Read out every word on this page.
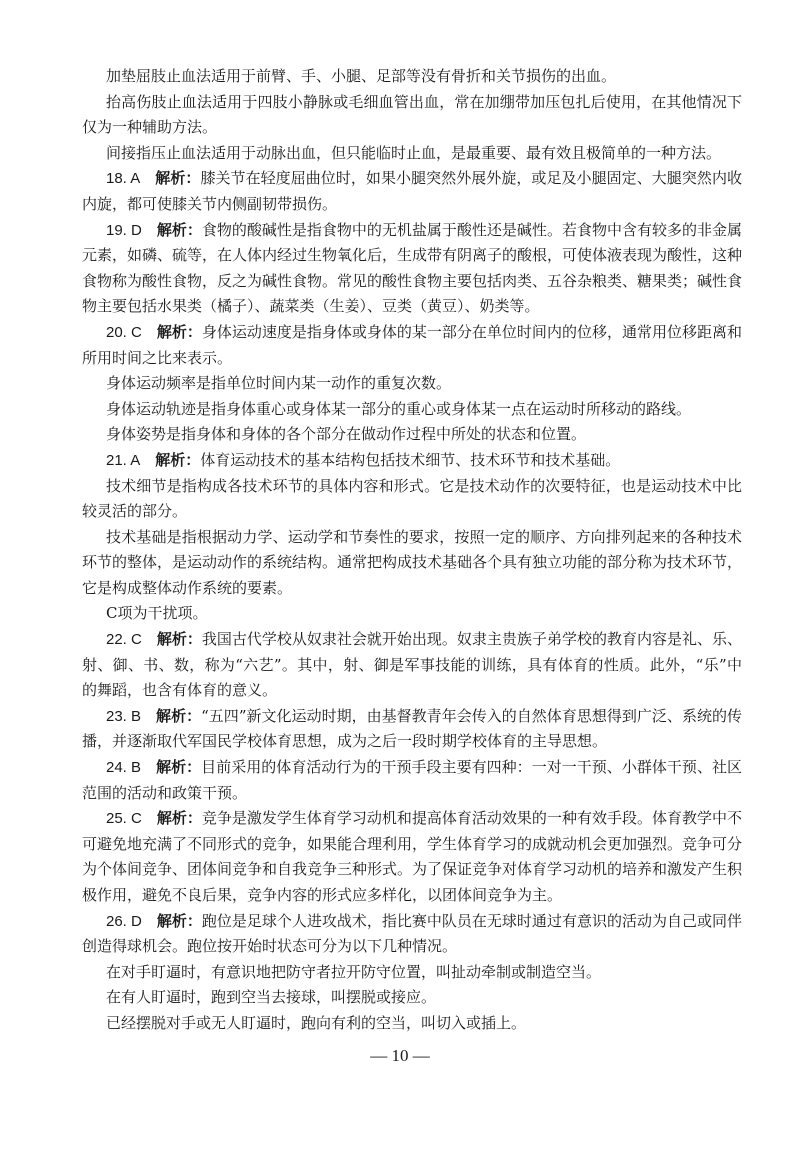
加垫屈肢止血法适用于前臂、手、小腿、足部等没有骨折和关节损伤的出血。

抬高伤肢止血法适用于四肢小静脉或毛细血管出血，常在加绷带加压包扎后使用，在其他情况下仅为一种辅助方法。

间接指压止血法适用于动脉出血，但只能临时止血，是最重要、最有效且极简单的一种方法。

18. A  解析：膝关节在轻度屈曲位时，如果小腿突然外展外旋，或足及小腿固定、大腿突然内收内旋，都可使膝关节内侧副韧带损伤。

19. D  解析：食物的酸碱性是指食物中的无机盐属于酸性还是碱性。若食物中含有较多的非金属元素，如磷、硫等，在人体内经过生物氧化后，生成带有阴离子的酸根，可使体液表现为酸性，这种食物称为酸性食物，反之为碱性食物。常见的酸性食物主要包括肉类、五谷杂粮类、糖果类；碱性食物主要包括水果类（橘子）、蔬菜类（生姜）、豆类（黄豆）、奶类等。

20. C  解析：身体运动速度是指身体或身体的某一部分在单位时间内的位移，通常用位移距离和所用时间之比来表示。

身体运动频率是指单位时间内某一动作的重复次数。

身体运动轨迹是指身体重心或身体某一部分的重心或身体某一点在运动时所移动的路线。

身体姿势是指身体和身体的各个部分在做动作过程中所处的状态和位置。

21. A  解析：体育运动技术的基本结构包括技术细节、技术环节和技术基础。

技术细节是指构成各技术环节的具体内容和形式。它是技术动作的次要特征，也是运动技术中比较灵活的部分。

技术基础是指根据动力学、运动学和节奏性的要求，按照一定的顺序、方向排列起来的各种技术环节的整体，是运动动作的系统结构。通常把构成技术基础各个具有独立功能的部分称为技术环节，它是构成整体动作系统的要素。

C项为干扰项。

22. C  解析：我国古代学校从奴隶社会就开始出现。奴隶主贵族子弟学校的教育内容是礼、乐、射、御、书、数，称为“六艺”。其中，射、御是军事技能的训练，具有体育的性质。此外，“乐”中的舞蹈，也含有体育的意义。

23. B  解析：“五四”新文化运动时期，由基督教青年会传入的自然体育思想得到广泛、系统的传播，并逐渐取代军国民学校体育思想，成为之后一段时期学校体育的主导思想。

24. B  解析：目前采用的体育活动行为的干预手段主要有四种：一对一干预、小群体干预、社区范围的活动和政策干预。

25. C  解析：竞争是激发学生体育学习动机和提高体育活动效果的一种有效手段。体育教学中不可避免地充满了不同形式的竞争，如果能合理利用，学生体育学习的成就动机会更加强烈。竞争可分为个体间竞争、团体间竞争和自我竞争三种形式。为了保证竞争对体育学习动机的培养和激发产生积极作用，避免不良后果，竞争内容的形式应多样化，以团体间竞争为主。

26. D  解析：跑位是足球个人进攻战术，指比赛中队员在无球时通过有意识的活动为自己或同伴创造得球机会。跑位按开始时状态可分为以下几种情况。

在对手盯逼时，有意识地把防守者拉开防守位置，叫扯动牵制或制造空当。

在有人盯逼时，跑到空当去接球，叫摆脱或接应。

已经摆脱对手或无人盯逼时，跑向有利的空当，叫切入或插上。

— 10 —
